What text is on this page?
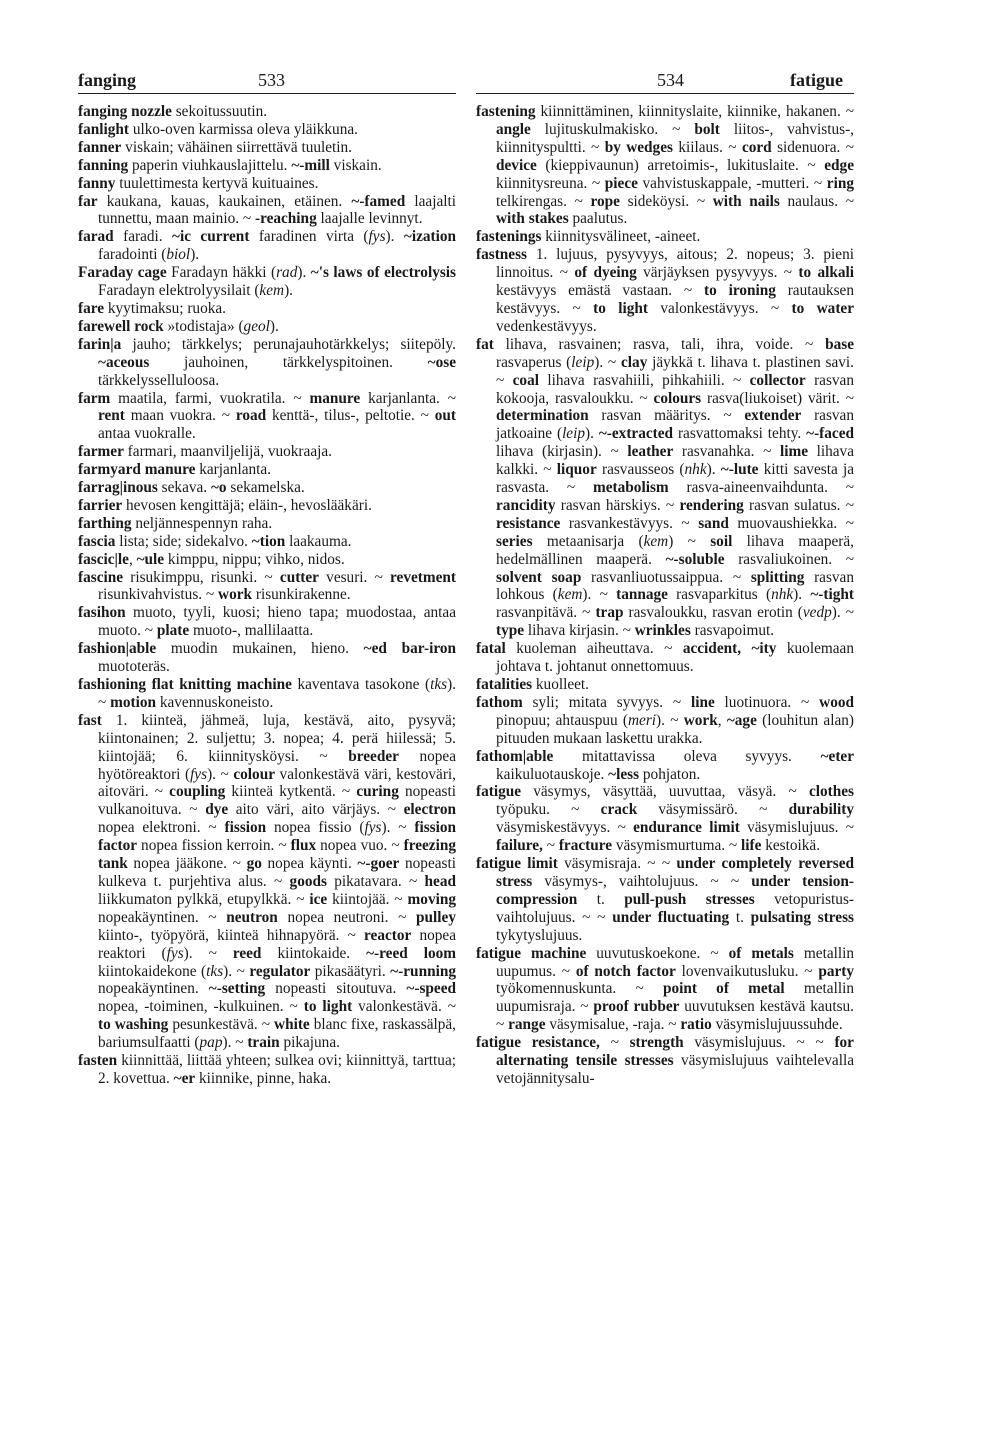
fanging	533	534	fatigue

fanging nozzle sekoitussuutin.

fanlight ulko-oven karmissa oleva yläikkuna.

fanner viskain; vähäinen siirrettävä tuuletin.

fanning paperin viuhkauslajittelu. ~-mill viskain.

fanny tuulettimesta kertyvä kuituaines.

far kaukana, kauas, kaukainen, etäinen. ~-famed laajalti tunnettu, maan mainio. ~ -reaching laajalle levinnyt.

farad faradi. ~ic current faradinen virta (fys). ~ization faradointi (biol).

Faraday cage Faradayn häkki (rad). ~'s laws of electrolysis Faradayn elektrolyysilait (kem).

fare kyytimaksu; ruoka.

farewell rock »todistaja» (geol).

farin|a jauho; tärkkelys; perunajauhotärkkelys; siitepöly. ~aceous jauhoinen, tärkkelyspitoinen. ~ose tärkkelysselluloosa.

farm maatila, farmi, vuokratila. ~ manure karjanlanta. ~ rent maan vuokra. ~ road kenttä-, tilus-, peltotie. ~ out antaa vuokralle.

farmer farmari, maanviljelijä, vuokraaja.

farmyard manure karjanlanta.

farrag|inous sekava. ~o sekamelska.

farrier hevosen kengittäjä; eläin-, hevoslääkäri.

farthing neljännespennyn raha.

fascia lista; side; sidekalvo. ~tion laakauma.

fascic|le, ~ule kimppu, nippu; vihko, nidos.

fascine risukimppu, risunki. ~ cutter vesuri. ~ revetment risunkivahvistus. ~ work risunkirakenne.

fasihon muoto, tyyli, kuosi; hieno tapa; muodostaa, antaa muoto. ~ plate muoto-, mallilaatta.

fashion|able muodin mukainen, hieno. ~ed bar-iron muototeräs.

fashioning flat knitting machine kaventava tasokone (tks). ~ motion kavennuskoneisto.

fast 1. kiinteä, jähmeä, luja, kestävä, aito, pysyvä; kiintonainen; 2. suljettu; 3. nopea; 4. perä hiilessä; 5. kiintojää; 6. kiinnitysköysi. ~ breeder nopea hyötöreaktori (fys). ~ colour valonkestävä väri, kestoväri, aitoväri. ~ coupling kiinteä kytkentä. ~ curing nopeasti vulkanoituva. ~ dye aito väri, aito värjäys. ~ electron nopea elektroni. ~ fission nopea fissio (fys). ~ fission factor nopea fission kerroin. ~ flux nopea vuo. ~ freezing tank nopea jääkone. ~ go nopea käynti. ~-goer nopeasti kulkeva t. purjehtiva alus. ~ goods pikatavara. ~ head liikkumaton pylkkä, etupylkkä. ~ ice kiintojää. ~ moving nopeakäyntinen. ~ neutron nopea neutroni. ~ pulley kiinto-, työpyörä, kiinteä hihnapyörä. ~ reactor nopea reaktori (fys). ~ reed kiintokaide. ~-reed loom kiintokaidekone (tks). ~ regulator pikasäätyri. ~-running nopeakäyntinen. ~-setting nopeasti sitoutuva. ~-speed nopea, -toiminen, -kulkuinen. ~ to light valonkestävä. ~ to washing pesunkestävä. ~ white blanc fixe, raskassälpä, bariumsulfaatti (pap). ~ train pikajuna.

fasten kiinnittää, liittää yhteen; sulkea ovi; kiinnittyä, tarttua; 2. kovettua. ~er kiinnike, pinne, haka.

fastening kiinnittäminen, kiinnityslaite, kiinnike, hakanen. ~ angle lujituskulmakisko. ~ bolt liitos-, vahvistus-, kiinnityspultti. ~ by wedges kiilaus. ~ cord sidenuora. ~ device (kieppivaunun) arretoimis-, lukituslaite. ~ edge kiinnitysreuna. ~ piece vahvistuskappale, -mutteri. ~ ring telkirengas. ~ rope sideköysi. ~ with nails naulaus. ~ with stakes paalutus.

fastenings kiinnitysvälineet, -aineet.

fastness 1. lujuus, pysyvyys, aitous; 2. nopeus; 3. pieni linnoitus. ~ of dyeing värjäyksen pysyvyys. ~ to alkali kestävyys emästä vastaan. ~ to ironing rautauksen kestävyys. ~ to light valonkestävyys. ~ to water vedenkestävyys.

fat lihava, rasvainen; rasva, tali, ihra, voide. ~ base rasvaperus (leip). ~ clay jäykkä t. lihava t. plastinen savi. ~ coal lihava rasvahiili, pihkahiili. ~ collector rasvan kokooja, rasvaloukku. ~ colours rasva(liukoiset) värit. ~ determination rasvan määritys. ~ extender rasvan jatkoaine (leip). ~-extracted rasvattomaksi tehty. ~-faced lihava (kirjasin). ~ leather rasvanahka. ~ lime lihava kalkki. ~ liquor rasvausseos (nhk). ~-lute kitti savesta ja rasvasta. ~ metabolism rasva-aineenvaihdunta. ~ rancidity rasvan härskiys. ~ rendering rasvan sulatus. ~ resistance rasvankestävyys. ~ sand muovaushiekka. ~ series metaanisarja (kem) ~ soil lihava maaperä, hedelmällinen maaperä. ~-soluble rasvaliukoinen. ~ solvent soap rasvanliuotussaippua. ~ splitting rasvan lohkous (kem). ~ tannage rasvaparkitus (nhk). ~-tight rasvanpitävä. ~ trap rasvaloukku, rasvan erotin (vedp). ~ type lihava kirjasin. ~ wrinkles rasvapoimut.

fatal kuoleman aiheuttava. ~ accident, ~ity kuolemaan johtava t. johtanut onnettomuus.

fatalities kuolleet.

fathom syli; mitata syvyys. ~ line luotinuora. ~ wood pinopuu; ahtauspuu (meri). ~ work, ~age (louhitun alan) pituuden mukaan laskettu urakka.

fathom|able mitattavissa oleva syvyys. ~eter kaikuluotauskoje. ~less pohjaton.

fatigue väsymys, väsyttää, uuvuttaa, väsyä. ~ clothes työpuku. ~ crack väsymissärö. ~ durability väsymiskestävyys. ~ endurance limit väsymislujuus. ~ failure, ~ fracture väsymismurtuma. ~ life kestoikä.

fatigue limit väsymisraja. ~ ~ under completely reversed stress väsymys-, vaihtolujuus. ~ ~ under tension-compression t. pull-push stresses vetopuristus-vaihtolujuus. ~ ~ under fluctuating t. pulsating stress tykytyslujuus.

fatigue machine uuvutuskoekone. ~ of metals metallin uupumus. ~ of notch factor lovenvaikutusluku. ~ party työkomennuskunta. ~ point of metal metallin uupumisraja. ~ proof rubber uuvutuksen kestävä kautsu. ~ range väsymisalue, -raja. ~ ratio väsymislujuussuhde.

fatigue resistance, ~ strength väsymislujuus. ~ ~ for alternating tensile stresses väsymislujuus vaihtelevalla vetojännitysalu-
